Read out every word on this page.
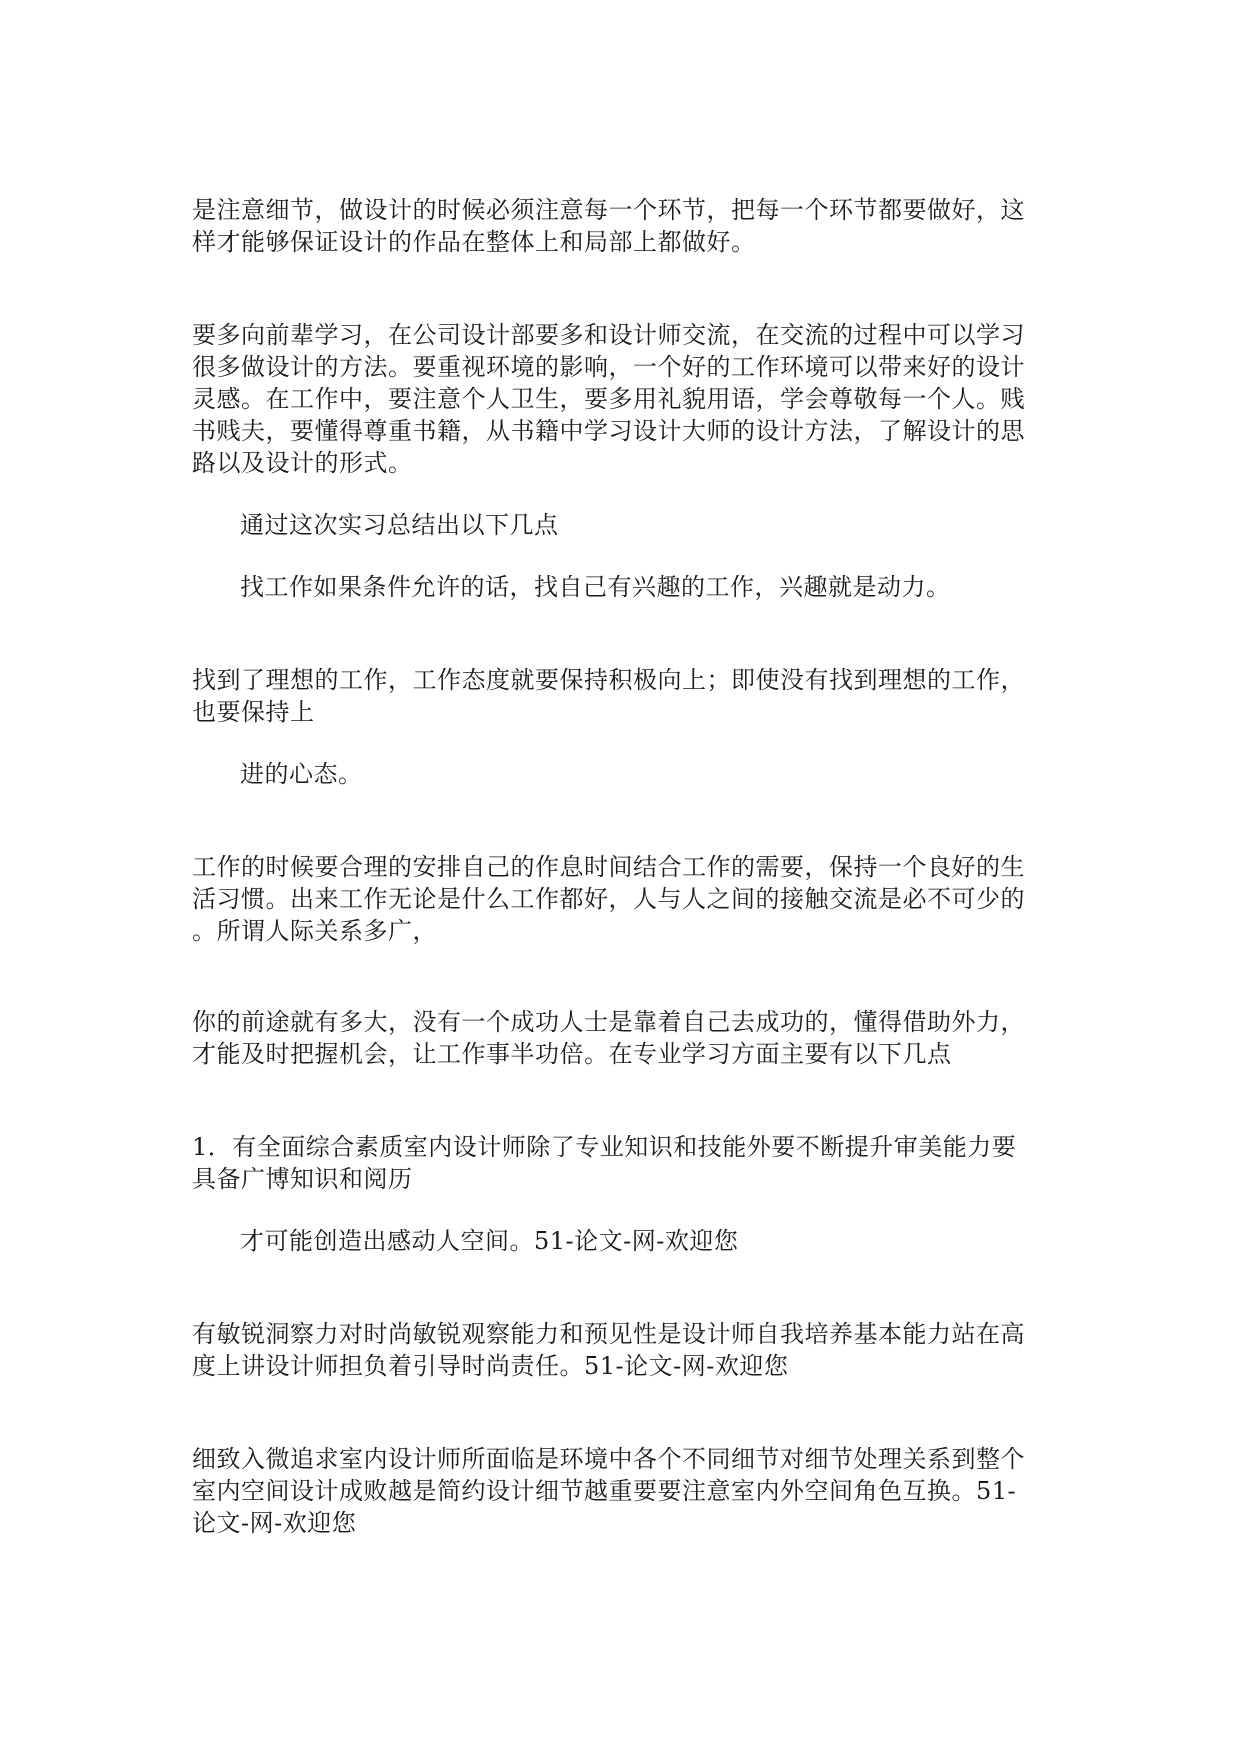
是注意细节，做设计的时候必须注意每一个环节，把每一个环节都要做好，这
样才能够保证设计的作品在整体上和局部上都做好。

要多向前辈学习，在公司设计部要多和设计师交流，在交流的过程中可以学习
很多做设计的方法。要重视环境的影响，一个好的工作环境可以带来好的设计
灵感。在工作中，要注意个人卫生，要多用礼貌用语，学会尊敬每一个人。贱
书贱夫，要懂得尊重书籍，从书籍中学习设计大师的设计方法，了解设计的思
路以及设计的形式。

通过这次实习总结出以下几点

找工作如果条件允许的话，找自己有兴趣的工作，兴趣就是动力。

找到了理想的工作，工作态度就要保持积极向上；即使没有找到理想的工作，
也要保持上

进的心态。

工作的时候要合理的安排自己的作息时间结合工作的需要，保持一个良好的生
活习惯。出来工作无论是什么工作都好，人与人之间的接触交流是必不可少的
。所谓人际关系多广，

你的前途就有多大，没有一个成功人士是靠着自己去成功的，懂得借助外力，
才能及时把握机会，让工作事半功倍。在专业学习方面主要有以下几点

1．有全面综合素质室内设计师除了专业知识和技能外要不断提升审美能力要
具备广博知识和阅历

才可能创造出感动人空间。51-论文-网-欢迎您

有敏锐洞察力对时尚敏锐观察能力和预见性是设计师自我培养基本能力站在高
度上讲设计师担负着引导时尚责任。51-论文-网-欢迎您

细致入微追求室内设计师所面临是环境中各个不同细节对细节处理关系到整个
室内空间设计成败越是简约设计细节越重要要注意室内外空间角色互换。51-
论文-网-欢迎您
